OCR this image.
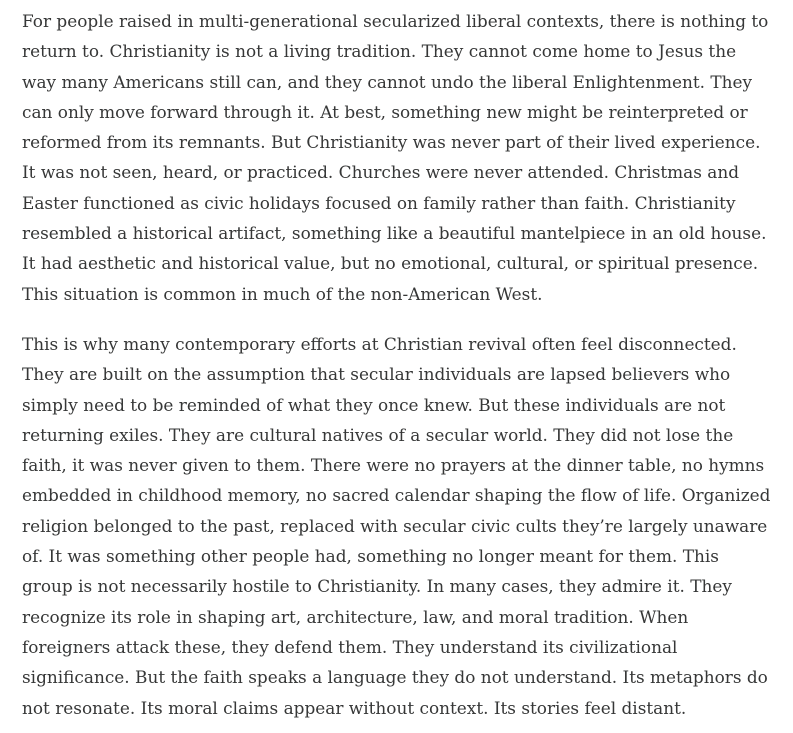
For people raised in multi-generational secularized liberal contexts, there is nothing to return to. Christianity is not a living tradition. They cannot come home to Jesus the way many Americans still can, and they cannot undo the liberal Enlightenment. They can only move forward through it. At best, something new might be reinterpreted or reformed from its remnants. But Christianity was never part of their lived experience. It was not seen, heard, or practiced. Churches were never attended. Christmas and Easter functioned as civic holidays focused on family rather than faith. Christianity resembled a historical artifact, something like a beautiful mantelpiece in an old house. It had aesthetic and historical value, but no emotional, cultural, or spiritual presence. This situation is common in much of the non-American West.

This is why many contemporary efforts at Christian revival often feel disconnected. They are built on the assumption that secular individuals are lapsed believers who simply need to be reminded of what they once knew. But these individuals are not returning exiles. They are cultural natives of a secular world. They did not lose the faith, it was never given to them. There were no prayers at the dinner table, no hymns embedded in childhood memory, no sacred calendar shaping the flow of life. Organized religion belonged to the past, replaced with secular civic cults they’re largely unaware of. It was something other people had, something no longer meant for them. This group is not necessarily hostile to Christianity. In many cases, they admire it. They recognize its role in shaping art, architecture, law, and moral tradition. When foreigners attack these, they defend them. They understand its civilizational significance. But the faith speaks a language they do not understand. Its metaphors do not resonate. Its moral claims appear without context. Its stories feel distant.
